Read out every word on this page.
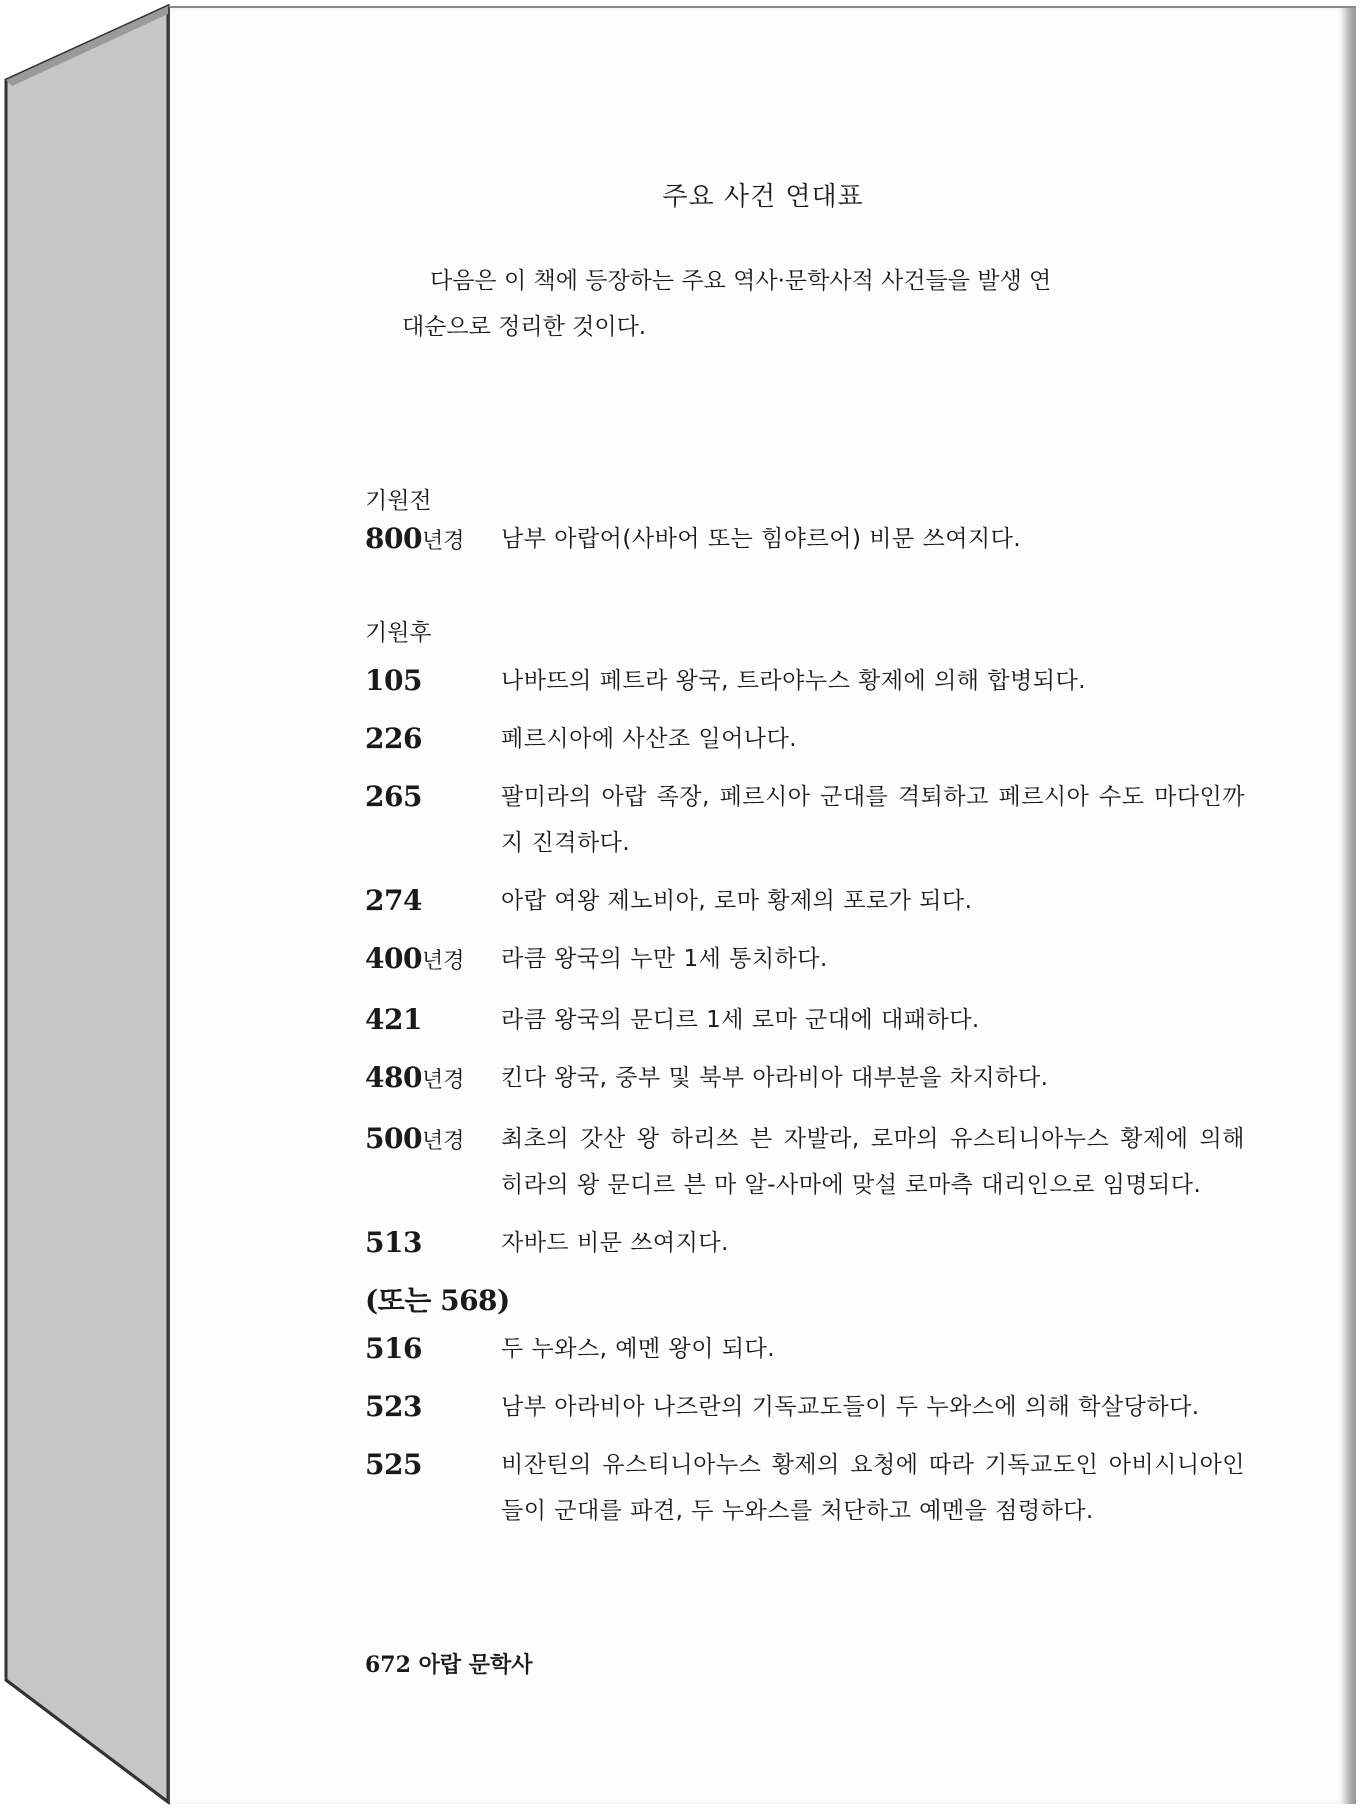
주요 사건 연대표
다음은 이 책에 등장하는 주요 역사·문학사적 사건들을 발생 연
대순으로 정리한 것이다.
기원전
800년경	남부 아랍어(사바어 또는 힘야르어) 비문 쓰여지다.
기원후
105	나바뜨의 페트라 왕국, 트라야누스 황제에 의해 합병되다.
226	페르시아에 사산조 일어나다.
265	팔미라의 아랍 족장, 페르시아 군대를 격퇴하고 페르시아 수도 마다인까지 진격하다.
274	아랍 여왕 제노비아, 로마 황제의 포로가 되다.
400년경	라큼 왕국의 누만 1세 통치하다.
421	라큼 왕국의 문디르 1세 로마 군대에 대패하다.
480년경	킨다 왕국, 중부 및 북부 아라비아 대부분을 차지하다.
500년경	최초의 갓산 왕 하리쓰 븐 자발라, 로마의 유스티니아누스 황제에 의해 히라의 왕 문디르 븐 마 알-사마에 맞설 로마측 대리인으로 임명되다.
513	자바드 비문 쓰여지다.
(또는 568)
516	두 누와스, 예멘 왕이 되다.
523	남부 아라비아 나즈란의 기독교도들이 두 누와스에 의해 학살당하다.
525	비잔틴의 유스티니아누스 황제의 요청에 따라 기독교도인 아비시니아인들이 군대를 파견, 두 누와스를 처단하고 예멘을 점령하다.
672 아랍 문학사
